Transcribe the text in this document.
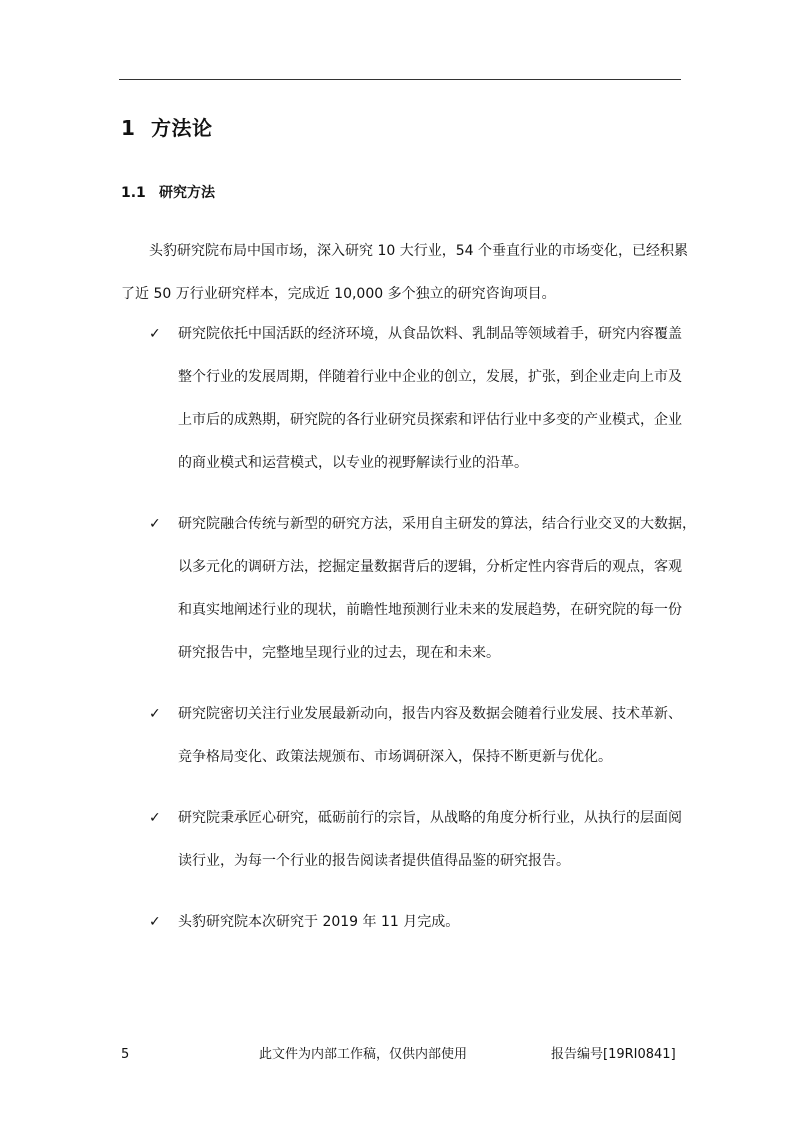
1 方法论
1.1 研究方法
头豹研究院布局中国市场，深入研究 10 大行业，54 个垂直行业的市场变化，已经积累
了近 50 万行业研究样本，完成近 10,000 多个独立的研究咨询项目。
✓ 研究院依托中国活跃的经济环境，从食品饮料、乳制品等领域着手，研究内容覆盖
整个行业的发展周期，伴随着行业中企业的创立，发展，扩张，到企业走向上市及
上市后的成熟期，研究院的各行业研究员探索和评估行业中多变的产业模式，企业
的商业模式和运营模式，以专业的视野解读行业的沿革。
✓ 研究院融合传统与新型的研究方法，采用自主研发的算法，结合行业交叉的大数据，
以多元化的调研方法，挖掘定量数据背后的逻辑，分析定性内容背后的观点，客观
和真实地阐述行业的现状，前瞻性地预测行业未来的发展趋势，在研究院的每一份
研究报告中，完整地呈现行业的过去，现在和未来。
✓ 研究院密切关注行业发展最新动向，报告内容及数据会随着行业发展、技术革新、
竞争格局变化、政策法规颁布、市场调研深入，保持不断更新与优化。
✓ 研究院秉承匠心研究，砥砺前行的宗旨，从战略的角度分析行业，从执行的层面阅
读行业，为每一个行业的报告阅读者提供值得品鉴的研究报告。
✓ 头豹研究院本次研究于 2019 年 11 月完成。
5	此文件为内部工作稿，仅供内部使用	报告编号[19RI0841]
